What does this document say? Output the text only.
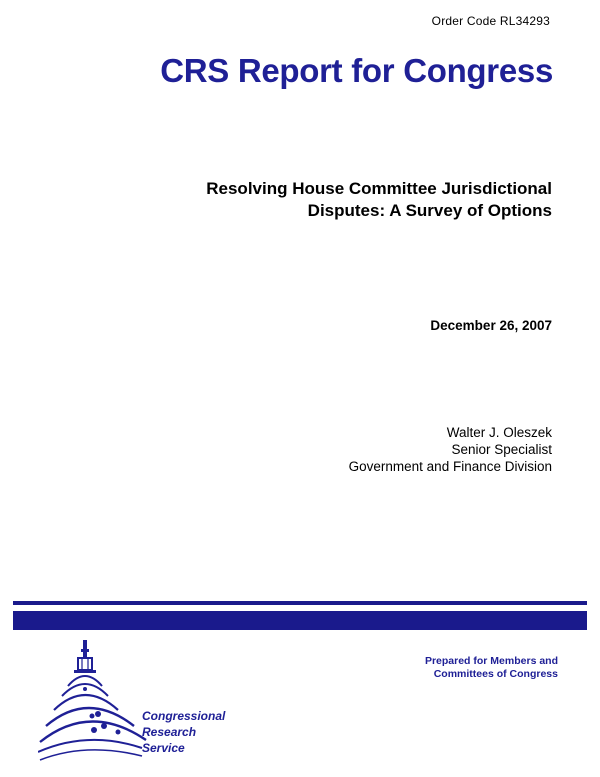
Order Code RL34293
CRS Report for Congress
Resolving House Committee Jurisdictional
Disputes: A Survey of Options
December 26, 2007
Walter J. Oleszek
Senior Specialist
Government and Finance Division
Congressional
Research
Service
Prepared for Members and
Committees of Congress
